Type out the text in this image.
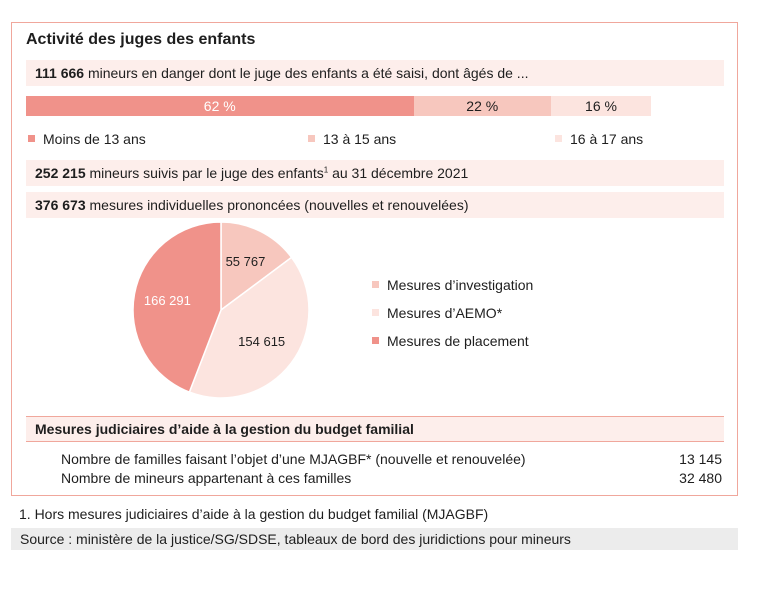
Activité des juges des enfants
111 666 mineurs en danger dont le juge des enfants a été saisi, dont âgés de ...
62 %	22 %	16 %
Moins de 13 ans	13 à 15 ans	16 à 17 ans
252 215 mineurs suivis par le juge des enfants$^1$ au 31 décembre 2021
376 673 mesures individuelles prononcées (nouvelles et renouvelées)
55 767
154 615
166 291
Mesures d’investigation
Mesures d’AEMO*
Mesures de placement
Mesures judiciaires d’aide à la gestion du budget familial
Nombre de familles faisant l’objet d’une MJAGBF* (nouvelle et renouvelée)	13 145
Nombre de mineurs appartenant à ces familles	32 480
1. Hors mesures judiciaires d’aide à la gestion du budget familial (MJAGBF)
Source : ministère de la justice/SG/SDSE, tableaux de bord des juridictions pour mineurs
